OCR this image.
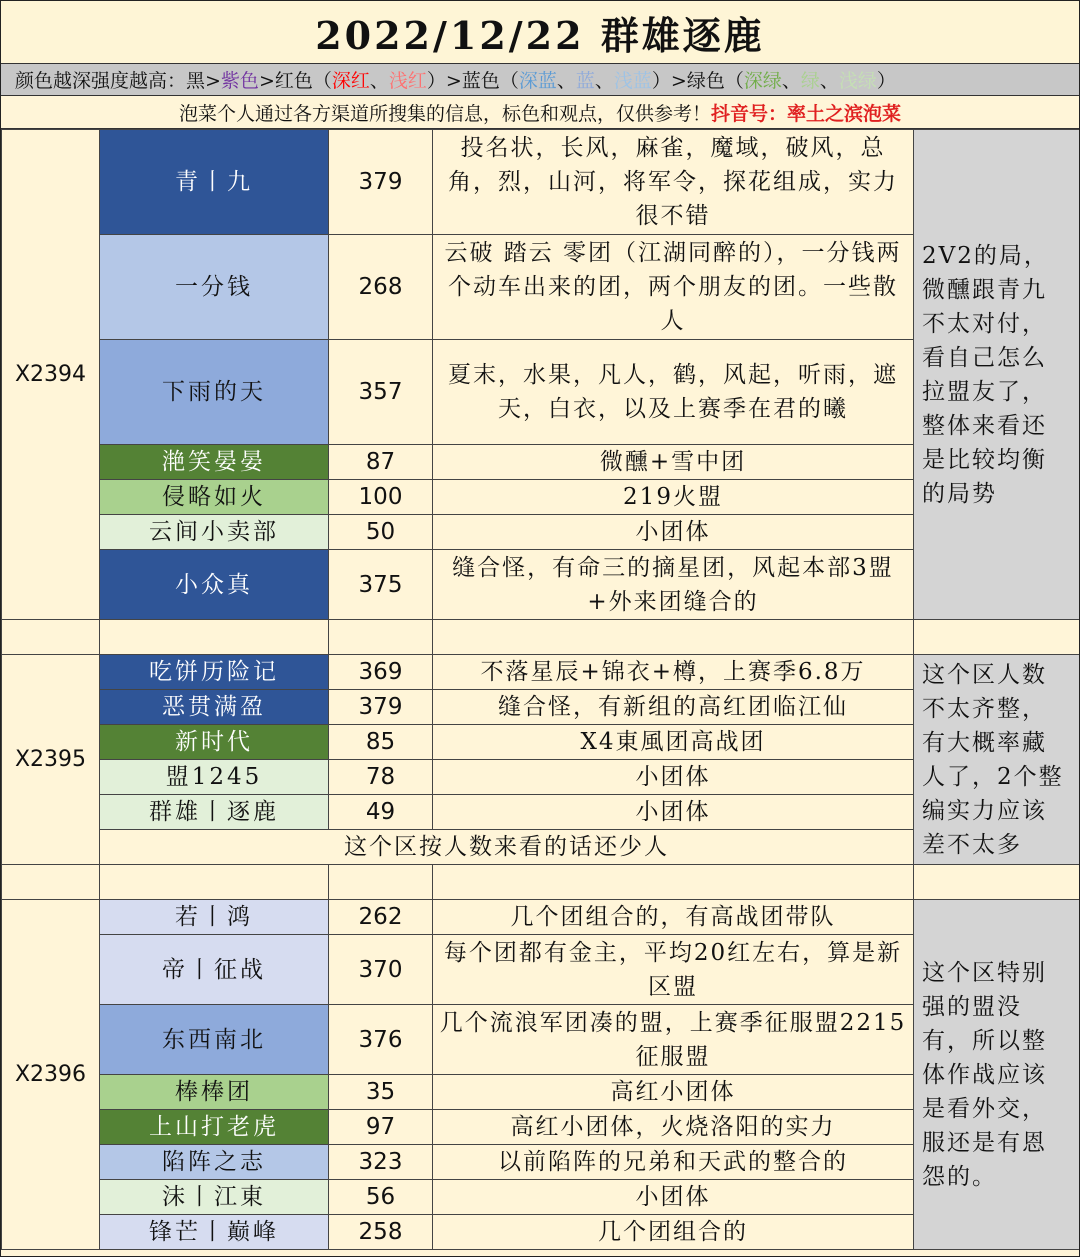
2022/12/22 群雄逐鹿
颜色越深强度越高：黑> 紫色 >红色（ 深红 、 浅红 ）>蓝色（ 深蓝 、 蓝 、 浅蓝 ）>绿色（ 深绿 、 绿 、 浅绿 ）
泡菜个人通过各方渠道所搜集的信息，标色和观点，仅供参考！ 抖音号：率土之滨泡菜
X2394	青丨九	379	投名状，长风，麻雀，魔域，破风，总角，烈，山河，将军令，探花组成，实力很不错	2V2的局，微醺跟青九不太对付，看自己怎么拉盟友了，整体来看还是比较均衡的局势
	一分钱	268	云破 踏云 零团（江湖同醉的），一分钱两个动车出来的团，两个朋友的团。一些散人	
	下雨的天	357	夏末，水果，凡人，鹤，风起，听雨，遮天，白衣，以及上赛季在君的曦	
	滟笑晏晏	87	微醺+雪中团	
	侵略如火	100	219火盟	
	云间小卖部	50	小团体	
	小众真	375	缝合怪，有命三的摘星团，风起本部3盟+外来团缝合的	

X2395	吃饼历险记	369	不落星辰+锦衣+樽，上赛季6.8万	这个区人数不太齐整，有大概率藏人了，2个整编实力应该差不太多
	恶贯满盈	379	缝合怪，有新组的高红团临江仙	
	新时代	85	X4東風团高战团	
	盟1245	78	小团体	
	群雄丨逐鹿	49	小团体	
	这个区按人数来看的话还少人			

X2396	若丨鸿	262	几个团组合的，有高战团带队	这个区特别强的盟没有，所以整体作战应该是看外交，服还是有恩怨的。
	帝丨征战	370	每个团都有金主，平均20红左右，算是新区盟	
	东西南北	376	几个流浪军团凑的盟，上赛季征服盟2215征服盟	
	棒棒团	35	高红小团体	
	上山打老虎	97	高红小团体，火烧洛阳的实力	
	陷阵之志	323	以前陷阵的兄弟和天武的整合的	
	沫丨江東	56	小团体	
	锋芒丨巅峰	258	几个团组合的	
